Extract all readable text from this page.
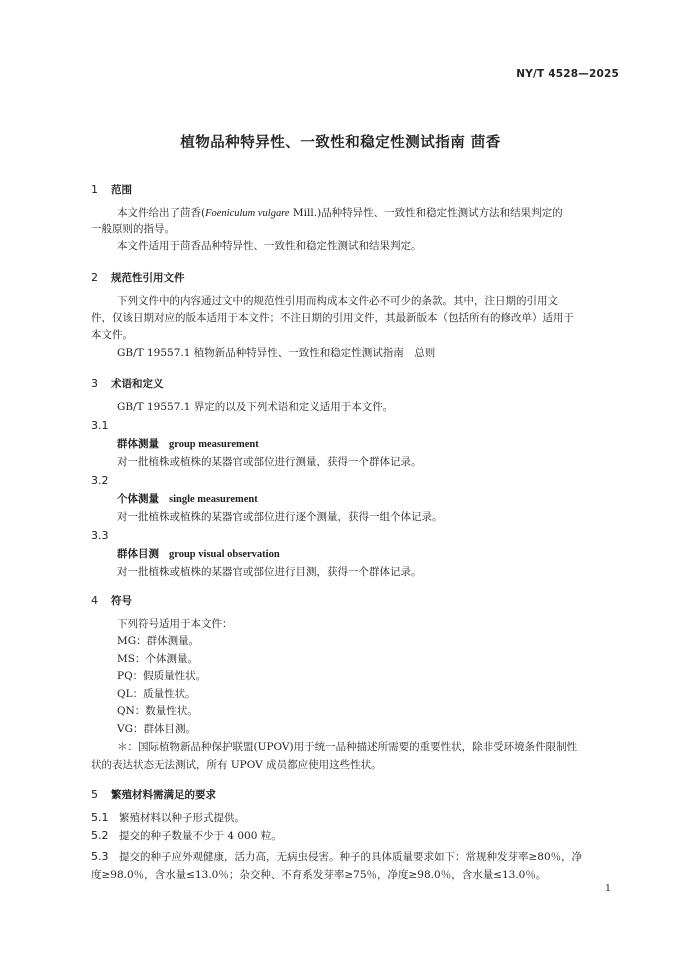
NY/T 4528—2025
植物品种特异性、一致性和稳定性测试指南 茴香
1 范围
本文件给出了茴香(Foeniculum vulgare Mill.)品种特异性、一致性和稳定性测试方法和结果判定的
一般原则的指导。
本文件适用于茴香品种特异性、一致性和稳定性测试和结果判定。
2 规范性引用文件
下列文件中的内容通过文中的规范性引用而构成本文件必不可少的条款。其中，注日期的引用文
件，仅该日期对应的版本适用于本文件；不注日期的引用文件，其最新版本（包括所有的修改单）适用于
本文件。
GB/T 19557.1 植物新品种特异性、一致性和稳定性测试指南　总则
3 术语和定义
GB/T 19557.1 界定的以及下列术语和定义适用于本文件。
3.1
群体测量 group measurement
对一批植株或植株的某器官或部位进行测量，获得一个群体记录。
3.2
个体测量 single measurement
对一批植株或植株的某器官或部位进行逐个测量，获得一组个体记录。
3.3
群体目测 group visual observation
对一批植株或植株的某器官或部位进行目测，获得一个群体记录。
4 符号
下列符号适用于本文件：
MG：群体测量。
MS：个体测量。
PQ：假质量性状。
QL：质量性状。
QN：数量性状。
VG：群体目测。
＊：国际植物新品种保护联盟(UPOV)用于统一品种描述所需要的重要性状，除非受环境条件限制性
状的表达状态无法测试，所有 UPOV 成员都应使用这些性状。
5 繁殖材料需满足的要求
5.1 繁殖材料以种子形式提供。
5.2 提交的种子数量不少于 4 000 粒。
5.3 提交的种子应外观健康，活力高，无病虫侵害。种子的具体质量要求如下：常规种发芽率≥80％，净
度≥98.0％，含水量≤13.0％；杂交种、不育系发芽率≥75％，净度≥98.0％，含水量≤13.0％。
1
